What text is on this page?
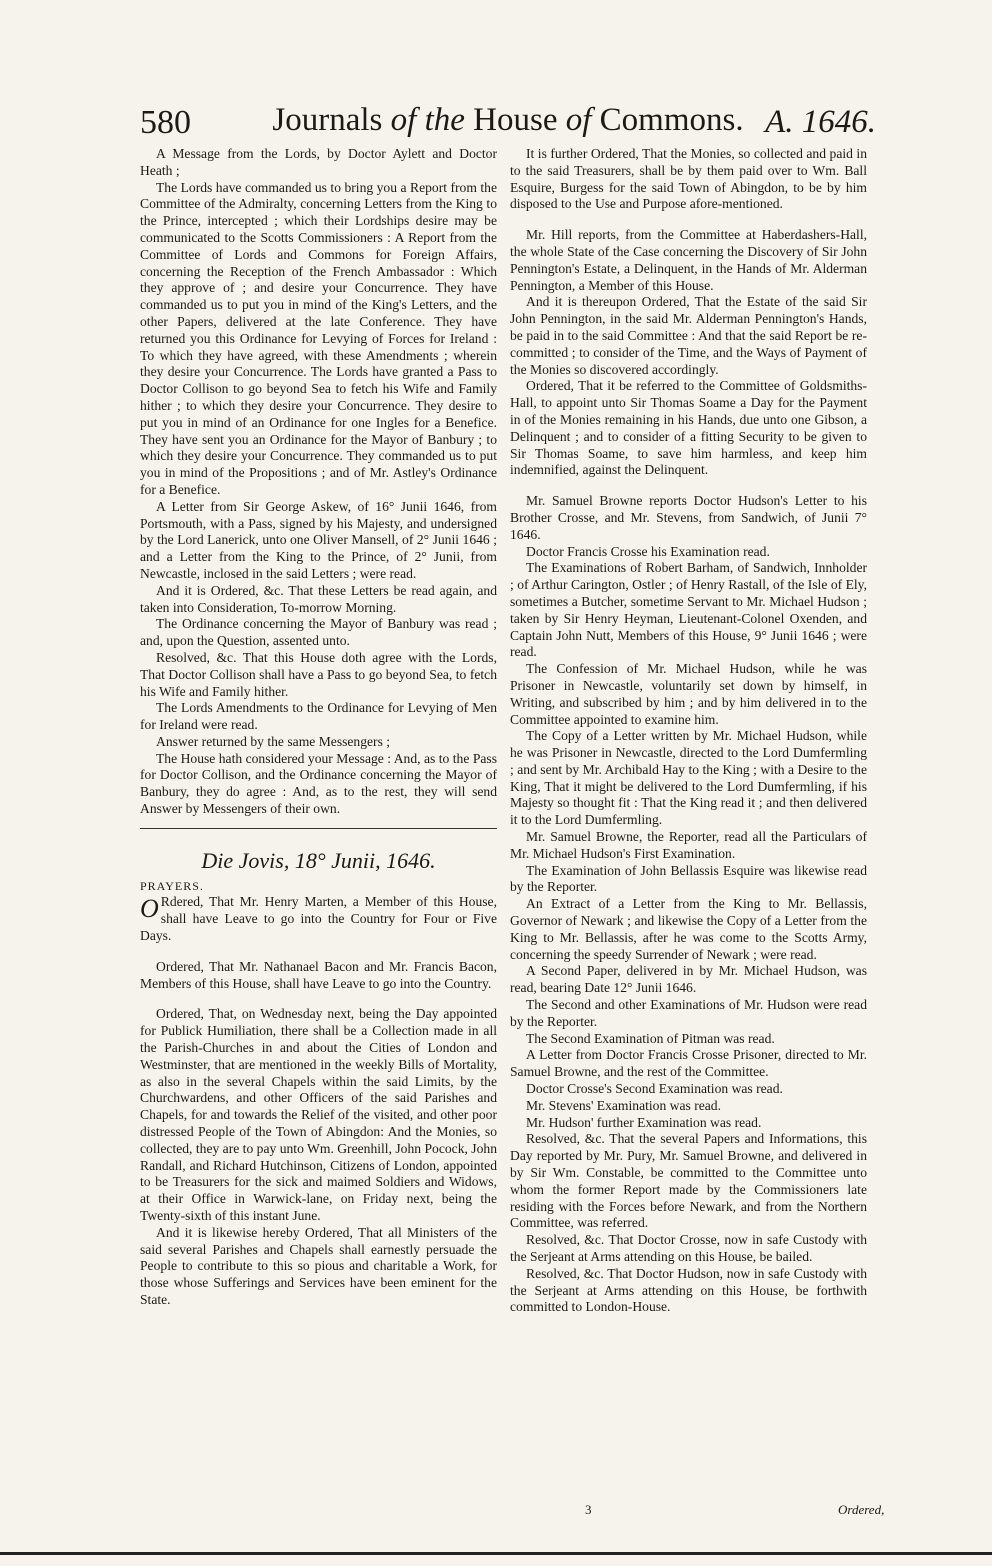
580	Journals of the House of Commons. A. 1646.

A Message from the Lords, by Doctor Aylett and Doctor Heath ;

The Lords have commanded us to bring you a Report from the Committee of the Admiralty, concerning Letters from the King to the Prince, intercepted ; which their Lordships desire may be communicated to the Scotts Commissioners : A Report from the Committee of Lords and Commons for Foreign Affairs, concerning the Reception of the French Ambassador : Which they approve of ; and desire your Concurrence. They have commanded us to put you in mind of the King's Letters, and the other Papers, delivered at the late Conference. They have returned you this Ordinance for Levying of Forces for Ireland : To which they have agreed, with these Amendments ; wherein they desire your Concurrence. The Lords have granted a Pass to Doctor Collison to go beyond Sea to fetch his Wife and Family hither ; to which they desire your Concurrence. They desire to put you in mind of an Ordinance for one Ingles for a Benefice. They have sent you an Ordinance for the Mayor of Banbury ; to which they desire your Concurrence. They commanded us to put you in mind of the Propositions ; and of Mr. Astley's Ordinance for a Benefice.

A Letter from Sir George Askew, of 16° Junii 1646, from Portsmouth, with a Pass, signed by his Majesty, and undersigned by the Lord Lanerick, unto one Oliver Mansell, of 2° Junii 1646 ; and a Letter from the King to the Prince, of 2° Junii, from Newcastle, inclosed in the said Letters ; were read.

And it is Ordered, &c. That these Letters be read again, and taken into Consideration, To-morrow Morning.

The Ordinance concerning the Mayor of Banbury was read ; and, upon the Question, assented unto.

Resolved, &c. That this House doth agree with the Lords, That Doctor Collison shall have a Pass to go beyond Sea, to fetch his Wife and Family hither.

The Lords Amendments to the Ordinance for Levying of Men for Ireland were read.

Answer returned by the same Messengers ;

The House hath considered your Message : And, as to the Pass for Doctor Collison, and the Ordinance concerning the Mayor of Banbury, they do agree : And, as to the rest, they will send Answer by Messengers of their own.

Die Jovis, 18° Junii, 1646.

PRAYERS.

O Rdered, That Mr. Henry Marten, a Member of this House, shall have Leave to go into the Country for Four or Five Days.

Ordered, That Mr. Nathanael Bacon and Mr. Francis Bacon, Members of this House, shall have Leave to go into the Country.

Ordered, That, on Wednesday next, being the Day appointed for Publick Humiliation, there shall be a Collection made in all the Parish-Churches in and about the Cities of London and Westminster, that are mentioned in the weekly Bills of Mortality, as also in the several Chapels within the said Limits, by the Churchwardens, and other Officers of the said Parishes and Chapels, for and towards the Relief of the visited, and other poor distressed People of the Town of Abingdon: And the Monies, so collected, they are to pay unto Wm. Greenhill, John Pocock, John Randall, and Richard Hutchinson, Citizens of London, appointed to be Treasurers for the sick and maimed Soldiers and Widows, at their Office in Warwick-lane, on Friday next, being the Twenty-sixth of this instant June.

And it is likewise hereby Ordered, That all Ministers of the said several Parishes and Chapels shall earnestly persuade the People to contribute to this so pious and charitable a Work, for those whose Sufferings and Services have been eminent for the State.

It is further Ordered, That the Monies, so collected and paid in to the said Treasurers, shall be by them paid over to Wm. Ball Esquire, Burgess for the said Town of Abingdon, to be by him disposed to the Use and Purpose afore-mentioned.

Mr. Hill reports, from the Committee at Haberdashers-Hall, the whole State of the Case concerning the Discovery of Sir John Pennington's Estate, a Delinquent, in the Hands of Mr. Alderman Pennington, a Member of this House.

And it is thereupon Ordered, That the Estate of the said Sir John Pennington, in the said Mr. Alderman Pennington's Hands, be paid in to the said Committee : And that the said Report be re-committed ; to consider of the Time, and the Ways of Payment of the Monies so discovered accordingly.

Ordered, That it be referred to the Committee of Goldsmiths-Hall, to appoint unto Sir Thomas Soame a Day for the Payment in of the Monies remaining in his Hands, due unto one Gibson, a Delinquent ; and to consider of a fitting Security to be given to Sir Thomas Soame, to save him harmless, and keep him indemnified, against the Delinquent.

Mr. Samuel Browne reports Doctor Hudson's Letter to his Brother Crosse, and Mr. Stevens, from Sandwich, of Junii 7° 1646.

Doctor Francis Crosse his Examination read.

The Examinations of Robert Barham, of Sandwich, Innholder ; of Arthur Carington, Ostler ; of Henry Rastall, of the Isle of Ely, sometimes a Butcher, sometime Servant to Mr. Michael Hudson ; taken by Sir Henry Heyman, Lieutenant-Colonel Oxenden, and Captain John Nutt, Members of this House, 9° Junii 1646 ; were read.

The Confession of Mr. Michael Hudson, while he was Prisoner in Newcastle, voluntarily set down by himself, in Writing, and subscribed by him ; and by him delivered in to the Committee appointed to examine him.

The Copy of a Letter written by Mr. Michael Hudson, while he was Prisoner in Newcastle, directed to the Lord Dumfermling ; and sent by Mr. Archibald Hay to the King ; with a Desire to the King, That it might be delivered to the Lord Dumfermling, if his Majesty so thought fit : That the King read it ; and then delivered it to the Lord Dumfermling.

Mr. Samuel Browne, the Reporter, read all the Particulars of Mr. Michael Hudson's First Examination.

The Examination of John Bellassis Esquire was likewise read by the Reporter.

An Extract of a Letter from the King to Mr. Bellassis, Governor of Newark ; and likewise the Copy of a Letter from the King to Mr. Bellassis, after he was come to the Scotts Army, concerning the speedy Surrender of Newark ; were read.

A Second Paper, delivered in by Mr. Michael Hudson, was read, bearing Date 12° Junii 1646.

The Second and other Examinations of Mr. Hudson were read by the Reporter.

The Second Examination of Pitman was read.

A Letter from Doctor Francis Crosse Prisoner, directed to Mr. Samuel Browne, and the rest of the Committee.

Doctor Crosse's Second Examination was read.

Mr. Stevens' Examination was read.

Mr. Hudson' further Examination was read.

Resolved, &c. That the several Papers and Informations, this Day reported by Mr. Pury, Mr. Samuel Browne, and delivered in by Sir Wm. Constable, be committed to the Committee unto whom the former Report made by the Commissioners late residing with the Forces before Newark, and from the Northern Committee, was referred.

Resolved, &c. That Doctor Crosse, now in safe Custody with the Serjeant at Arms attending on this House, be bailed.

Resolved, &c. That Doctor Hudson, now in safe Custody with the Serjeant at Arms attending on this House, be forthwith committed to London-House.

3	Ordered,
